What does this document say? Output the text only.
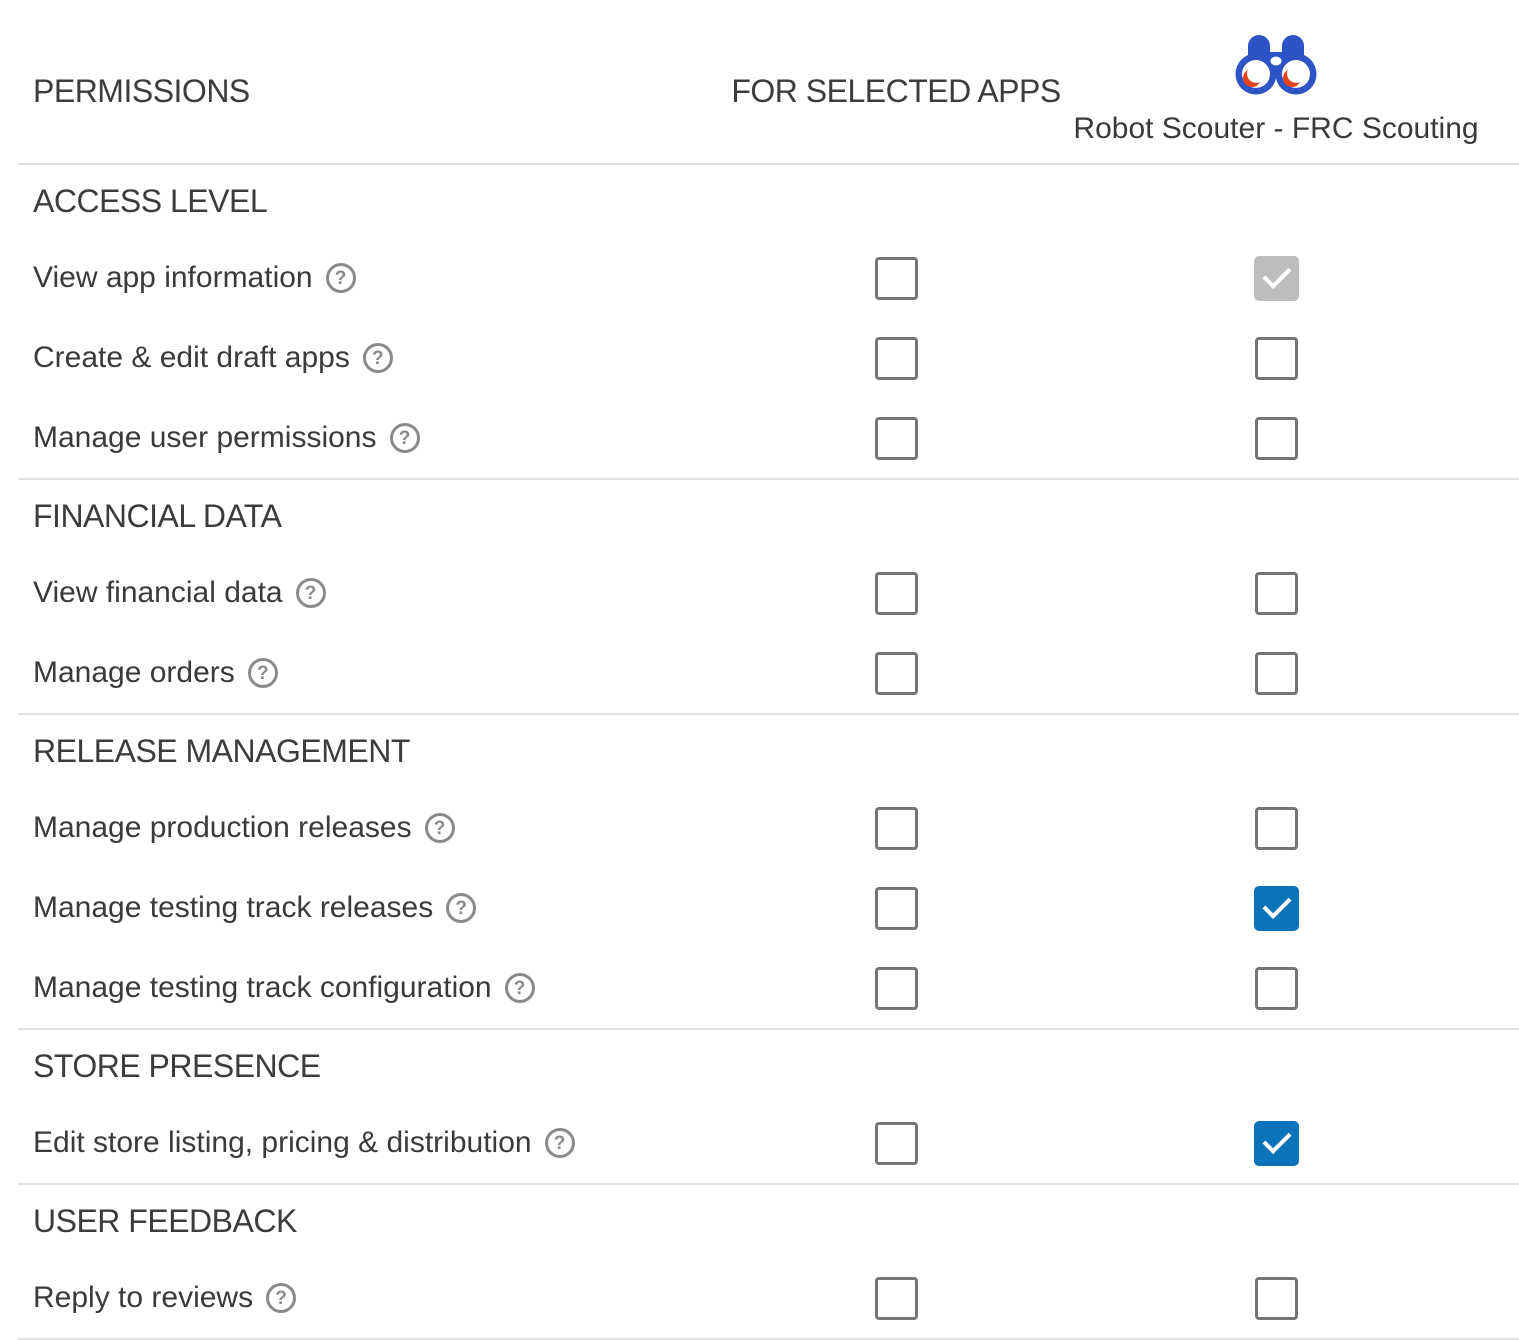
PERMISSIONS	FOR SELECTED APPS
Robot Scouter - FRC Scouting
ACCESS LEVEL
View app information ?
Create & edit draft apps ?
Manage user permissions ?
FINANCIAL DATA
View financial data ?
Manage orders ?
RELEASE MANAGEMENT
Manage production releases ?
Manage testing track releases ?
Manage testing track configuration ?
STORE PRESENCE
Edit store listing, pricing & distribution ?
USER FEEDBACK
Reply to reviews ?
